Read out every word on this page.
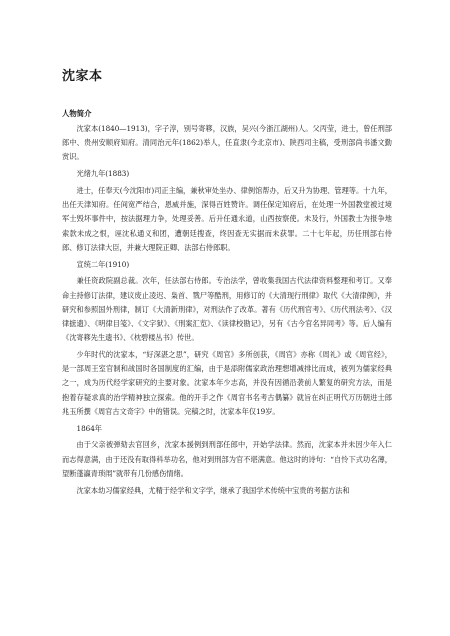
沈家本
人物简介

沈家本(1840—1913)，字子淳，别号寄簃，汉族，吴兴(今浙江湖州)人。父丙莹，进士，曾任刑部郎中、贵州安顺府知府。清同治元年(1862)举人，任直隶(今北京市)、陕西司主稿，受刑部尚书潘文勤赏识。

光绪九年(1883)

进士，任奉天(今沈阳市)司正主编，兼秋审处坐办、律例馆帮办，后又升为协理、管理等。十九年，出任天津知府。任间宽严结合，恩威并施，深得百姓赞许。调任保定知府后，在处理一外国教堂被过境军士毁坏事件中，按法据理力争，处理妥善。后升任通永道，山西按察使。未及行，外国教士为报争地索款未成之恨，诬沈私通义和团，遭朝廷搜查，终因查无实据而未获罪。二十七年起，历任刑部右侍郎、修订法律大臣，并兼大理院正卿、法部右侍郎职。

宣统二年(1910)

兼任资政院副总裁。次年，任法部右侍郎。专治法学，曾收集我国古代法律资料整理和考订。又奉命主持修订法律，建议废止凌迟、枭首、戮尸等酷刑，用修订的《大清现行刑律》取代《大清律例》，并研究和参照国外刑律，制订《大清新刑律》，对刑法作了改革。著有《历代刑官考》、《历代刑法考》、《汉律摭遗》、《明律目笺》、《文字狱》、《刑案汇览》、《读律校勘记》，另有《古今官名异同考》等。后人编有《沈寄簃先生遗书》、《枕碧楼丛书》传世。

少年时代的沈家本，“好深湛之思”，研究《周官》多所创获，《周官》亦称《周礼》或《周官经》，是一部周王室官制和战国时各国制度的汇编，由于是添附儒家政治理想增减排比而成，被列为儒家经典之一，成为历代经学家研究的主要对象。沈家本年少志高，并没有因循沿袭前人繁复的研究方法，而是抱着存疑求真的治学精神独立探索。他的开手之作《周官书名考古偶纂》就旨在纠正明代万历朝进士郎兆玉所撰《周官古文奇字》中的错误。完稿之时，沈家本年仅19岁。

1864年

由于父亲被弹劾去官回乡，沈家本援例到刑部任郎中，开始学法律。然而，沈家本并未因少年入仁而志得意满，由于还没有取得科举功名，他对到刑部为官不堪满意。他这时的诗句：“自怜下式功名薄，望断蓬瀛青琐闱”就带有几份感伤情绪。

沈家本幼习儒家经典，尤精于经学和文字学，继承了我国学术传统中宝贵的考据方法和
